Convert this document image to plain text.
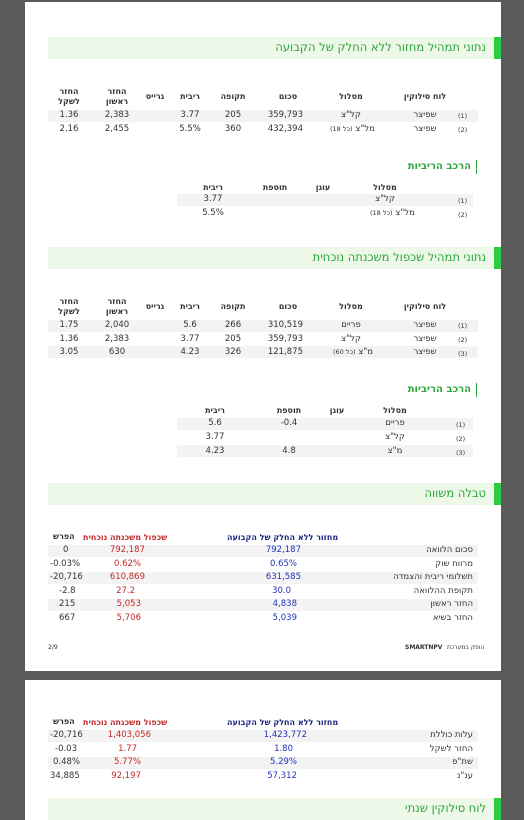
נתוני תמהיל מחזור ללא החלק של הקבועה
לוח סילוקין
מסלול
סכום
תקופה
ריבית
גרייס
החזר
ראשון
החזר
לשקל
(1)
שפיצר
קל"צ
359,793
205
3.77
2,383
1.36
(2)
שפיצר
(כל 18) מל"צ
432,394
360
5.5%
2,455
2.16
הרכב הריביות
מסלול
עוגן
תוספת
ריבית
(1)
קל"צ
3.77
(2)
(כל 18) מל"צ
5.5%
נתוני תמהיל שכפול משכנתה נוכחית
לוח סילוקין
מסלול
סכום
תקופה
ריבית
גרייס
החזר
ראשון
החזר
לשקל
(1)
שפיצר
פריים
310,519
266
5.6
2,040
1.75
(2)
שפיצר
קל"צ
359,793
205
3.77
2,383
1.36
(3)
שפיצר
(כל 60) מ"צ
121,875
326
4.23
630
3.05
הרכב הריביות
מסלול
עוגן
תוספת
ריבית
(1)
פריים
-0.4
5.6
(2)
קל"צ
3.77
(3)
מ"צ
4.8
4.23
טבלה משווה
מחזור ללא החלק של הקבועה
שכפול משכנתה נוכחית
הפרש
סכום הלוואה
792,187
792,187
0
מרווח שוק
0.65%
0.62%
-0.03%
תשלומי ריבית והצמדה
631,585
610,869
-20,716
תקופת ההלוואה
30.0
27.2
-2.8
החזר ראשון
4,838
5,053
215
החזר בשיא
5,039
5,706
667
2/9	SMARTNPV הופק במערכת
מחזור ללא החלק של הקבועה
שכפול משכנתה נוכחית
הפרש
עלות כוללת
1,423,772
1,403,056
-20,716
החזר לשקל
1.80
1.77
-0.03
שת"פ
5.29%
5.77%
0.48%
ענ"נ
57,312
92,197
34,885
לוח סילוקין שנתי
